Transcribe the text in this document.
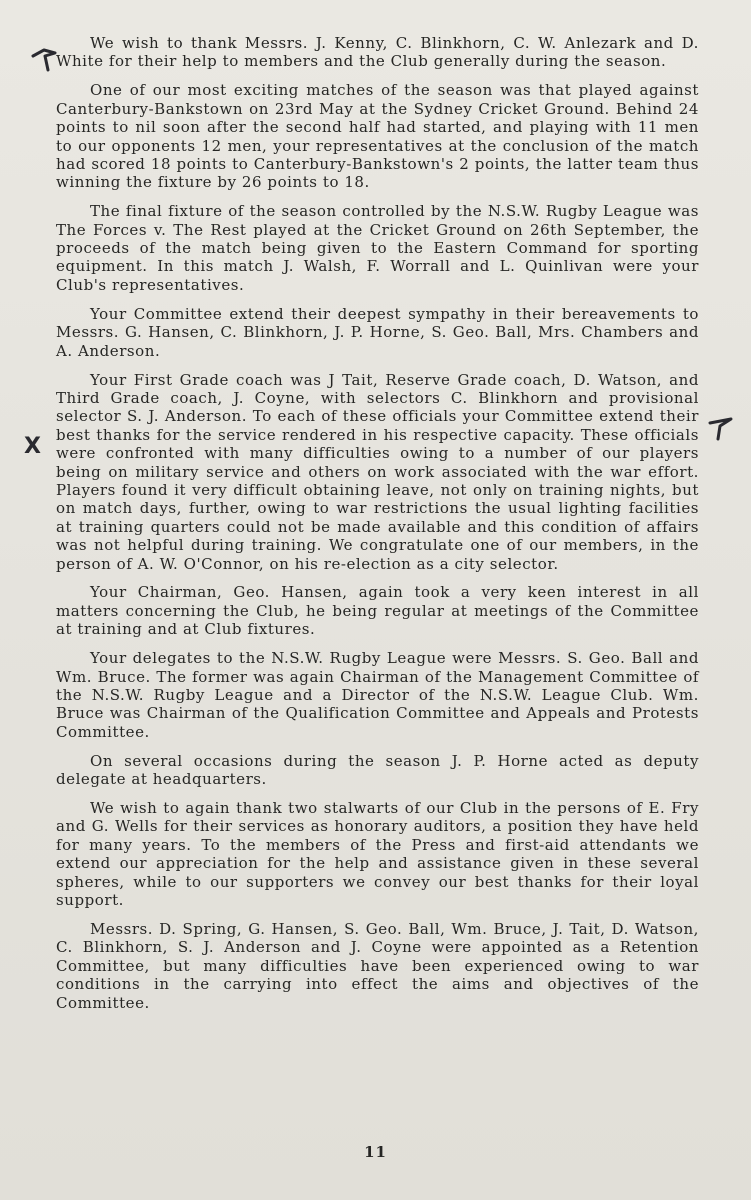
X

We wish to thank Messrs. J. Kenny, C. Blinkhorn, C. W. Anlezark and D. White for their help to members and the Club generally during the season.

One of our most exciting matches of the season was that played against Canterbury-Bankstown on 23rd May at the Sydney Cricket Ground. Behind 24 points to nil soon after the second half had started, and playing with 11 men to our opponents 12 men, your representatives at the conclusion of the match had scored 18 points to Canterbury-Bankstown's 2 points, the latter team thus winning the fixture by 26 points to 18.

The final fixture of the season controlled by the N.S.W. Rugby League was The Forces v. The Rest played at the Cricket Ground on 26th September, the proceeds of the match being given to the Eastern Command for sporting equipment. In this match J. Walsh, F. Worrall and L. Quinlivan were your Club's representatives.

Your Committee extend their deepest sympathy in their bereavements to Messrs. G. Hansen, C. Blinkhorn, J. P. Horne, S. Geo. Ball, Mrs. Chambers and A. Anderson.

Your First Grade coach was J Tait, Reserve Grade coach, D. Watson, and Third Grade coach, J. Coyne, with selectors C. Blinkhorn and provisional selector S. J. Anderson. To each of these officials your Committee extend their best thanks for the service rendered in his respective capacity. These officials were confronted with many difficulties owing to a number of our players being on military service and others on work associated with the war effort. Players found it very difficult obtaining leave, not only on training nights, but on match days, further, owing to war restrictions the usual lighting facilities at training quarters could not be made available and this condition of affairs was not helpful during training. We congratulate one of our members, in the person of A. W. O'Connor, on his re-election as a city selector.

Your Chairman, Geo. Hansen, again took a very keen interest in all matters concerning the Club, he being regular at meetings of the Committee at training and at Club fixtures.

Your delegates to the N.S.W. Rugby League were Messrs. S. Geo. Ball and Wm. Bruce. The former was again Chairman of the Management Committee of the N.S.W. Rugby League and a Director of the N.S.W. League Club. Wm. Bruce was Chairman of the Qualification Committee and Appeals and Protests Committee.

On several occasions during the season J. P. Horne acted as deputy delegate at headquarters.

We wish to again thank two stalwarts of our Club in the persons of E. Fry and G. Wells for their services as honorary auditors, a position they have held for many years. To the members of the Press and first-aid attendants we extend our appreciation for the help and assistance given in these several spheres, while to our supporters we convey our best thanks for their loyal support.

Messrs. D. Spring, G. Hansen, S. Geo. Ball, Wm. Bruce, J. Tait, D. Watson, C. Blinkhorn, S. J. Anderson and J. Coyne were appointed as a Retention Committee, but many difficulties have been experienced owing to war conditions in the carrying into effect the aims and objectives of the Committee.

11
